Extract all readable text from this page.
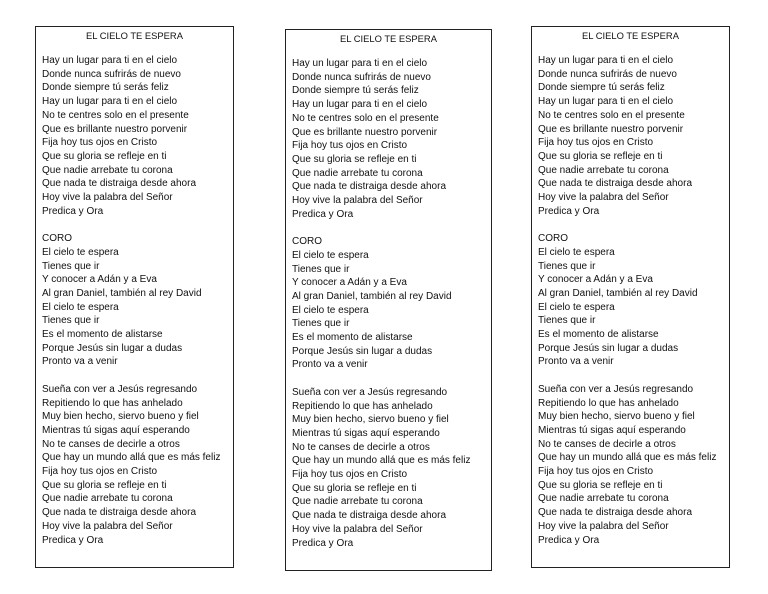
EL CIELO TE ESPERA
Hay un lugar para ti en el cielo
Donde nunca sufrirás de nuevo
Donde siempre tú serás feliz
Hay un lugar para ti en el cielo
No te centres solo en el presente
Que es brillante nuestro porvenir
Fija hoy tus ojos en Cristo
Que su gloria se refleje en ti
Que nadie arrebate tu corona
Que nada te distraiga desde ahora
Hoy vive la palabra del Señor
Predica y Ora
CORO
El cielo te espera
Tienes que ir
Y conocer a Adán y a Eva
Al gran Daniel, también al rey David
El cielo te espera
Tienes que ir
Es el momento de alistarse
Porque Jesús sin lugar a dudas
Pronto va a venir
Sueña con ver a Jesús regresando
Repitiendo lo que has anhelado
Muy bien hecho, siervo bueno y fiel
Mientras tú sigas aquí esperando
No te canses de decirle a otros
Que hay un mundo allá que es más feliz
Fija hoy tus ojos en Cristo
Que su gloria se refleje en ti
Que nadie arrebate tu corona
Que nada te distraiga desde ahora
Hoy vive la palabra del Señor
Predica y Ora
EL CIELO TE ESPERA
Hay un lugar para ti en el cielo
Donde nunca sufrirás de nuevo
Donde siempre tú serás feliz
Hay un lugar para ti en el cielo
No te centres solo en el presente
Que es brillante nuestro porvenir
Fija hoy tus ojos en Cristo
Que su gloria se refleje en ti
Que nadie arrebate tu corona
Que nada te distraiga desde ahora
Hoy vive la palabra del Señor
Predica y Ora
CORO
El cielo te espera
Tienes que ir
Y conocer a Adán y a Eva
Al gran Daniel, también al rey David
El cielo te espera
Tienes que ir
Es el momento de alistarse
Porque Jesús sin lugar a dudas
Pronto va a venir
Sueña con ver a Jesús regresando
Repitiendo lo que has anhelado
Muy bien hecho, siervo bueno y fiel
Mientras tú sigas aquí esperando
No te canses de decirle a otros
Que hay un mundo allá que es más feliz
Fija hoy tus ojos en Cristo
Que su gloria se refleje en ti
Que nadie arrebate tu corona
Que nada te distraiga desde ahora
Hoy vive la palabra del Señor
Predica y Ora
EL CIELO TE ESPERA
Hay un lugar para ti en el cielo
Donde nunca sufrirás de nuevo
Donde siempre tú serás feliz
Hay un lugar para ti en el cielo
No te centres solo en el presente
Que es brillante nuestro porvenir
Fija hoy tus ojos en Cristo
Que su gloria se refleje en ti
Que nadie arrebate tu corona
Que nada te distraiga desde ahora
Hoy vive la palabra del Señor
Predica y Ora
CORO
El cielo te espera
Tienes que ir
Y conocer a Adán y a Eva
Al gran Daniel, también al rey David
El cielo te espera
Tienes que ir
Es el momento de alistarse
Porque Jesús sin lugar a dudas
Pronto va a venir
Sueña con ver a Jesús regresando
Repitiendo lo que has anhelado
Muy bien hecho, siervo bueno y fiel
Mientras tú sigas aquí esperando
No te canses de decirle a otros
Que hay un mundo allá que es más feliz
Fija hoy tus ojos en Cristo
Que su gloria se refleje en ti
Que nadie arrebate tu corona
Que nada te distraiga desde ahora
Hoy vive la palabra del Señor
Predica y Ora
